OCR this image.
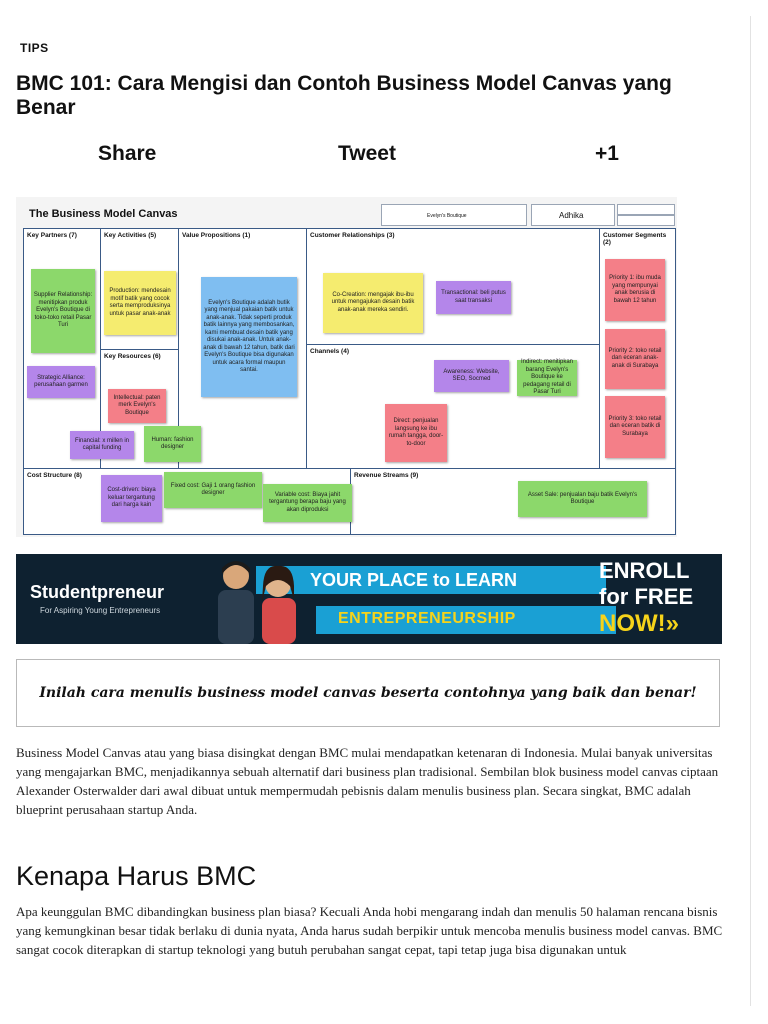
TIPS
BMC 101: Cara Mengisi dan Contoh Business Model Canvas yang Benar
Share	Tweet	+1
The Business Model Canvas	Evelyn's Boutique	Adhika
Key Partners (7)	Key Activities (5)
Key Resources (6)
Value Propositions (1)	Customer Relationships (3)
Channels (4)
Customer Segments (2)
Cost Structure (8)	Revenue Streams (9)
Supplier Relationship: menitipkan produk Evelyn's Boutique di toko-toko retail Pasar Turi
Strategic Alliance: perusahaan garmen
Financial: x millen in capital funding
Production: mendesain motif batik yang cocok serta memproduksinya untuk pasar anak-anak
Intellectual: paten merk Evelyn's Boutique
Human: fashion designer
Evelyn's Boutique adalah butik yang menjual pakaian batik untuk anak-anak. Tidak seperti produk batik lainnya yang membosankan, kami membuat desain batik yang disukai anak-anak. Untuk anak-anak di bawah 12 tahun, batik dari Evelyn's Boutique bisa digunakan untuk acara formal maupun santai.
Co-Creation: mengajak ibu-ibu untuk mengajukan desain batik anak-anak mereka sendiri.
Transactional: beli putus saat transaksi
Awareness: Website, SEO, Socmed
Indirect: menitipkan barang Evelyn's Boutique ke pedagang retail di Pasar Turi
Direct: penjualan langsung ke ibu rumah tangga, door-to-door
Priority 1: ibu muda yang mempunyai anak berusia di bawah 12 tahun
Priority 2: toko retail dan eceran anak-anak di Surabaya
Priority 3: toko retail dan eceran batik di Surabaya
Cost-driven: biaya keluar tergantung dari harga kain
Fixed cost: Gaji 1 orang fashion designer	Variable cost: Biaya jahit tergantung berapa baju yang akan diproduksi
Asset Sale: penjualan baju batik Evelyn's Boutique
Studentpreneur
For Aspiring Young Entrepreneurs
YOUR PLACE to LEARN
ENTREPRENEURSHIP
ENROLL
for FREE
NOW!»
Inilah cara menulis business model canvas beserta contohnya yang baik dan benar!

Business Model Canvas atau yang biasa disingkat dengan BMC mulai mendapatkan ketenaran di Indonesia. Mulai banyak universitas yang mengajarkan BMC, menjadikannya sebuah alternatif dari business plan tradisional. Sembilan blok business model canvas ciptaan Alexander Osterwalder dari awal dibuat untuk mempermudah pebisnis dalam menulis business plan. Secara singkat, BMC adalah blueprint perusahaan startup Anda.

Kenapa Harus BMC

Apa keunggulan BMC dibandingkan business plan biasa? Kecuali Anda hobi mengarang indah dan menulis 50 halaman rencana bisnis yang kemungkinan besar tidak berlaku di dunia nyata, Anda harus sudah berpikir untuk mencoba menulis business model canvas. BMC sangat cocok diterapkan di startup teknologi yang butuh perubahan sangat cepat, tapi tetap juga bisa digunakan untuk
